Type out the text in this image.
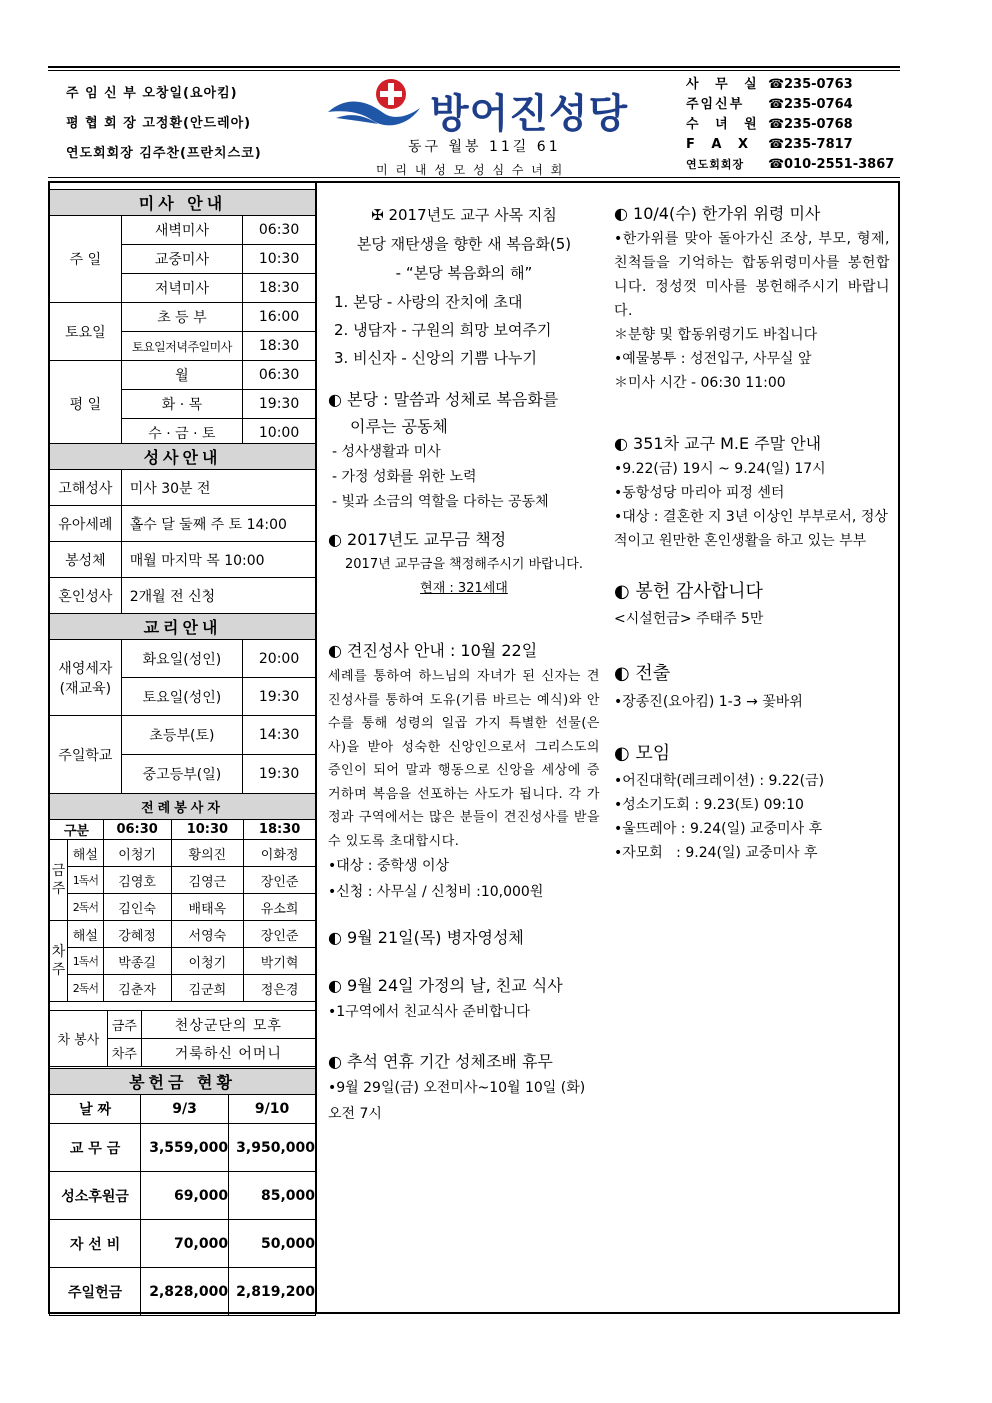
주 임 신 부 오창일(요아킴)
평 협 회 장 고정환(안드레아)
연도회회장 김주찬(프란치스코)
방어진성당
동구 월봉 11길 61
미 리 내 성 모 성 심 수 녀 회
사 무 실 ☎ 235-0763
주임신부	☎ 235-0764
수 녀 원 ☎ 235-0768
F A X	☎ 235-7817
연도회회장	☎ 010-2551-3867
미사 안내		
주 일	새벽미사	06:30
	교중미사	10:30
	저녁미사	18:30
토요일	초 등 부	16:00
	토요일저녁주일미사	18:30
평 일	월	06:30
	화 · 목	19:30
	수 · 금 · 토	10:00
성사안내	
고해성사	미사 30분 전
유아세례	홀수 달 둘째 주 토 14:00
봉성체	매월 마지막 목 10:00
혼인성사	2개월 전 신청
교리안내		

새영세자
(재교육)	화요일(성인)	20:00
	토요일(성인)	19:30
주일학교	초등부(토)	14:30
	중고등부(일)	19:30
전례봉사자				
구분		06:30	10:30	18:30
금주	해설	이청기	황의진	이화정
	1독서	김영호	김영근	장인준
	2독서	김인숙	배태옥	유소희
차주	해설	강혜정	서영숙	장인준
	1독서	박종길	이청기	박기혁
	2독서	김춘자	김군희	정은경
차 봉사	금주	천상군단의 모후
	차주	거룩하신 어머니
봉헌금 현황		
날 짜	9/3	9/10
교 무 금	3,559,000	3,950,000
성소후원금	69,000	85,000
자 선 비	70,000	50,000
주일헌금	2,828,000	2,819,200

✠ 2017년도 교구 사목 지침

본당 재탄생을 향한 새 복음화(5)

- “본당 복음화의 해”

1. 본당 - 사랑의 잔치에 초대

2. 냉담자 - 구원의 희망 보여주기

3. 비신자 - 신앙의 기쁨 나누기

◐ 본당 : 말씀과 성체로 복음화를

이루는 공동체

- 성사생활과 미사

- 가정 성화를 위한 노력

- 빛과 소금의 역할을 다하는 공동체

◐ 2017년도 교무금 책정

2017년 교무금을 책정해주시기 바랍니다.

현재 : 321세대

◐ 견진성사 안내 : 10월 22일

세례를 통하여 하느님의 자녀가 된 신자는 견진성사를 통하여 도유(기름 바르는 예식)와 안수를 통해 성령의 일곱 가지 특별한 선물(은사)을 받아 성숙한 신앙인으로서 그리스도의 증인이 되어 말과 행동으로 신앙을 세상에 증거하며 복음을 선포하는 사도가 됩니다. 각 가정과 구역에서는 많은 분들이 견진성사를 받을 수 있도록 초대합시다.

•대상 : 중학생 이상

•신청 : 사무실 / 신청비 :10,000원

◐ 9월 21일(목) 병자영성체

◐ 9월 24일 가정의 날, 친교 식사

•1구역에서 친교식사 준비합니다

◐ 추석 연휴 기간 성체조배 휴무

•9월 29일(금) 오전미사~10월 10일 (화) 오전 7시

◐ 10/4(수) 한가위 위령 미사

•한가위를 맞아 돌아가신 조상, 부모, 형제, 친척들을 기억하는 합동위령미사를 봉헌합니다. 정성껏 미사를 봉헌해주시기 바랍니다.

＊분향 및 합동위령기도 바칩니다

•예물봉투 : 성전입구, 사무실 앞

＊미사 시간 - 06:30 11:00

◐ 351차 교구 M.E 주말 안내

•9.22(금) 19시 ~ 9.24(일) 17시

•동항성당 마리아 피정 센터

•대상 : 결혼한 지 3년 이상인 부부로서, 정상적이고 원만한 혼인생활을 하고 있는 부부

◐ 봉헌 감사합니다

<시설헌금> 주태주 5만

◐ 전출

•장종진(요아킴) 1-3 → 꽃바위

◐ 모임

•어진대학(레크레이션) : 9.22(금)

•성소기도회 : 9.23(토) 09:10

•울뜨레아 : 9.24(일) 교중미사 후

•자모회   : 9.24(일) 교중미사 후
